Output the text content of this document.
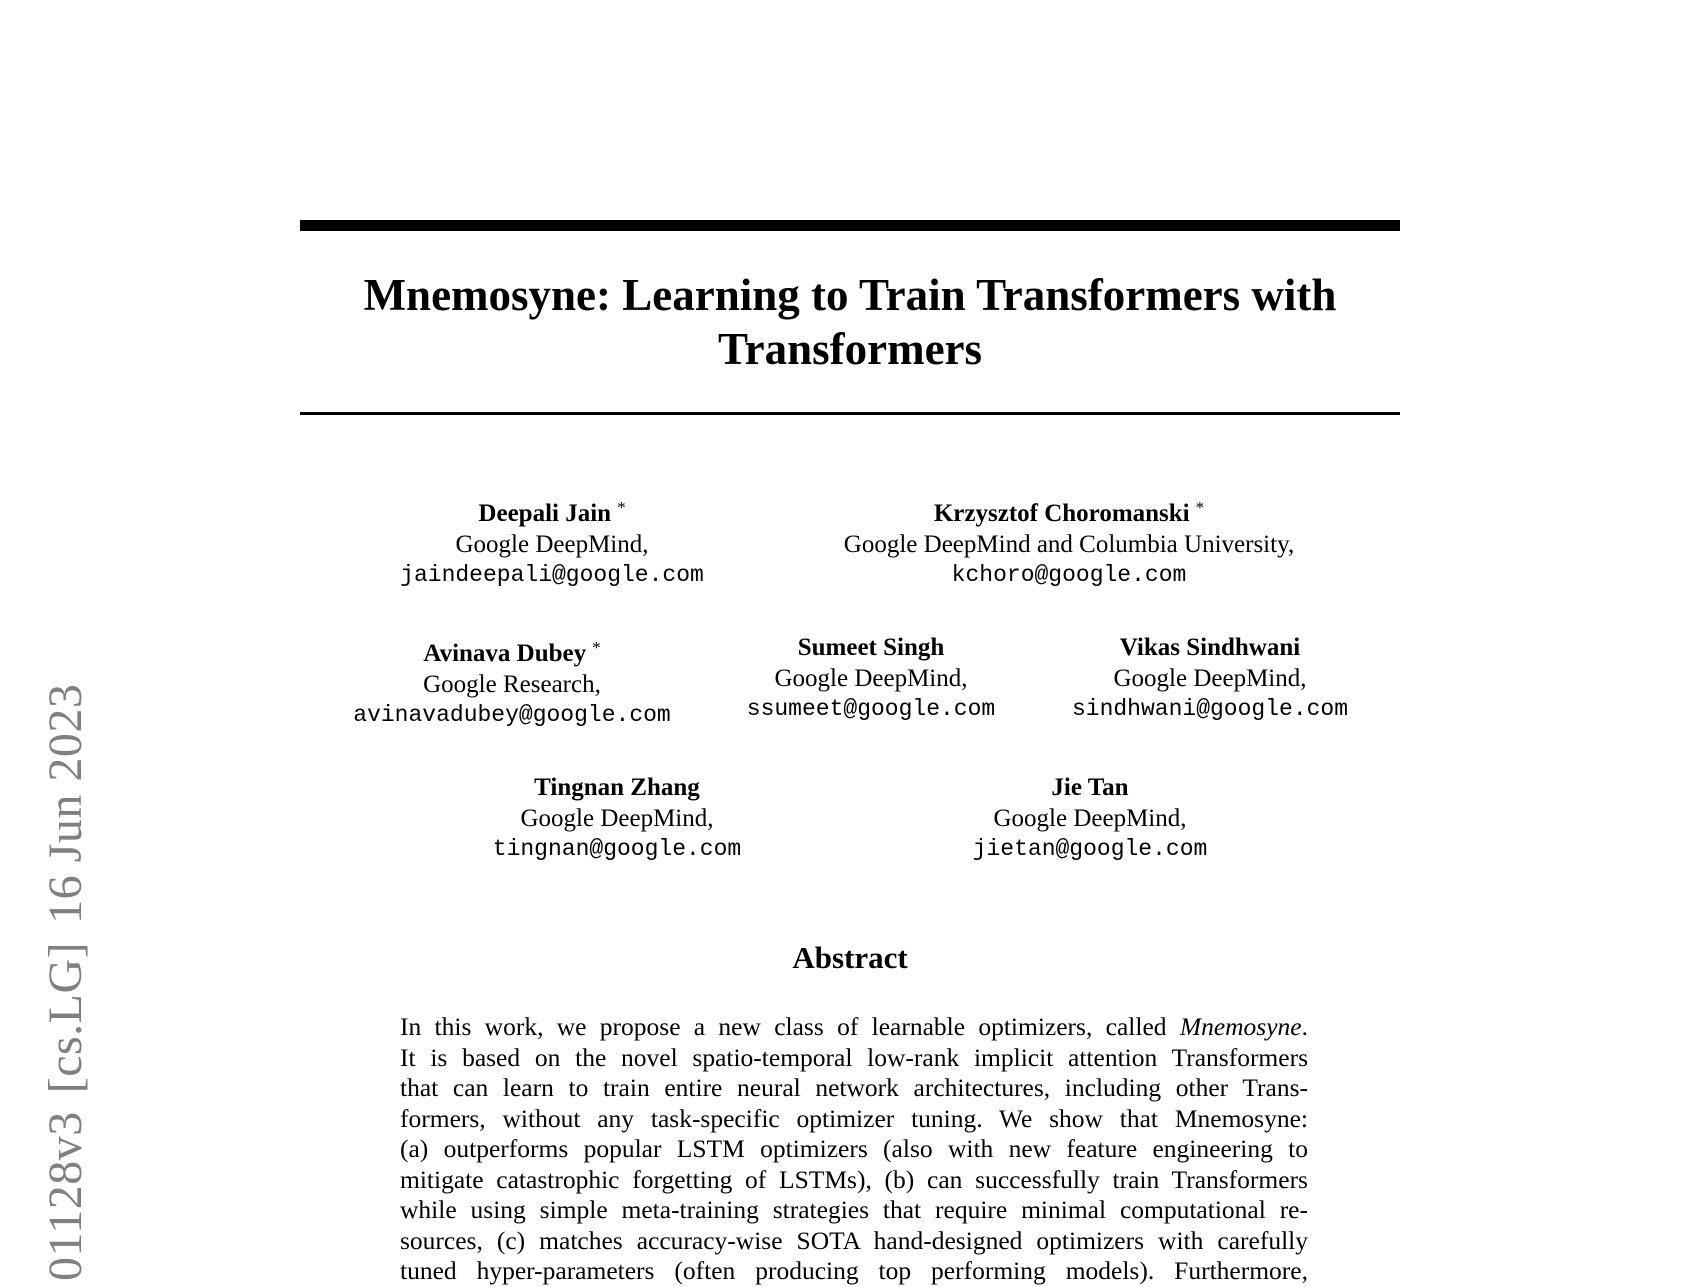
01128v3[cs.LG]16 Jun 2023
Mnemosyne: Learning to Train Transformers with
Transformers
Deepali Jain *
Google DeepMind,
jaindeepali@google.com
Krzysztof Choromanski *
Google DeepMind and Columbia University,
kchoro@google.com
Avinava Dubey *
Google Research,
avinavadubey@google.com
Sumeet Singh
Google DeepMind,
ssumeet@google.com
Vikas Sindhwani
Google DeepMind,
sindhwani@google.com
Tingnan Zhang
Google DeepMind,
tingnan@google.com
Jie Tan
Google DeepMind,
jietan@google.com
Abstract

In this work, we propose a new class of learnable optimizers, called Mnemosyne.
It is based on the novel spatio-temporal low-rank implicit attention Transformers
that can learn to train entire neural network architectures, including other Trans-
formers, without any task-specific optimizer tuning. We show that Mnemosyne:
(a) outperforms popular LSTM optimizers (also with new feature engineering to
mitigate catastrophic forgetting of LSTMs), (b) can successfully train Transformers
while using simple meta-training strategies that require minimal computational re-
sources, (c) matches accuracy-wise SOTA hand-designed optimizers with carefully
tuned hyper-parameters (often producing top performing models). Furthermore,
